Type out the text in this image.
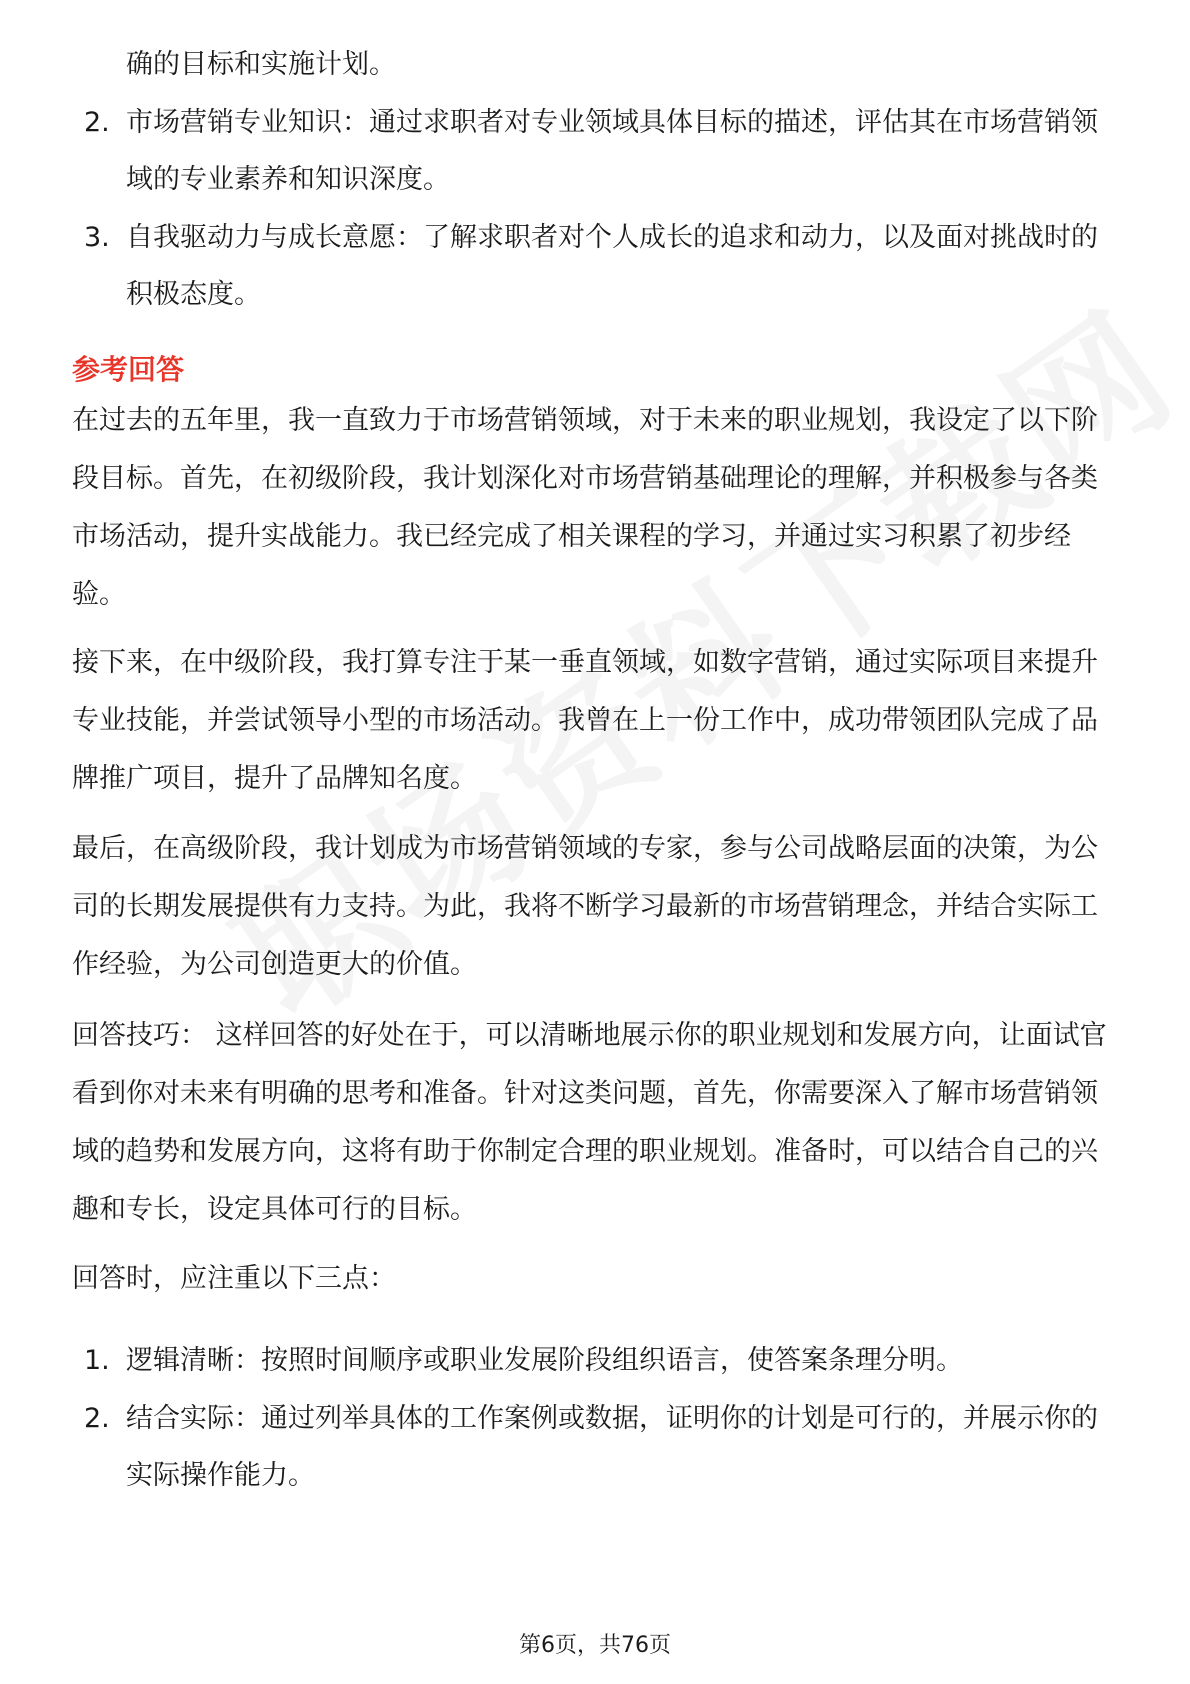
确的目标和实施计划。
2. 市场营销专业知识：通过求职者对专业领域具体目标的描述，评估其在市场营销领域的专业素养和知识深度。
3. 自我驱动力与成长意愿：了解求职者对个人成长的追求和动力，以及面对挑战时的积极态度。
参考回答

在过去的五年里，我一直致力于市场营销领域，对于未来的职业规划，我设定了以下阶段目标。首先，在初级阶段，我计划深化对市场营销基础理论的理解，并积极参与各类市场活动，提升实战能力。我已经完成了相关课程的学习，并通过实习积累了初步经验。

接下来，在中级阶段，我打算专注于某一垂直领域，如数字营销，通过实际项目来提升专业技能，并尝试领导小型的市场活动。我曾在上一份工作中，成功带领团队完成了品牌推广项目，提升了品牌知名度。

最后，在高级阶段，我计划成为市场营销领域的专家，参与公司战略层面的决策，为公司的长期发展提供有力支持。为此，我将不断学习最新的市场营销理念，并结合实际工作经验，为公司创造更大的价值。

回答技巧： 这样回答的好处在于，可以清晰地展示你的职业规划和发展方向，让面试官看到你对未来有明确的思考和准备。针对这类问题，首先，你需要深入了解市场营销领域的趋势和发展方向，这将有助于你制定合理的职业规划。准备时，可以结合自己的兴趣和专长，设定具体可行的目标。

回答时，应注重以下三点：

1. 逻辑清晰：按照时间顺序或职业发展阶段组织语言，使答案条理分明。
2. 结合实际：通过列举具体的工作案例或数据，证明你的计划是可行的，并展示你的实际操作能力。
第6页，共76页
